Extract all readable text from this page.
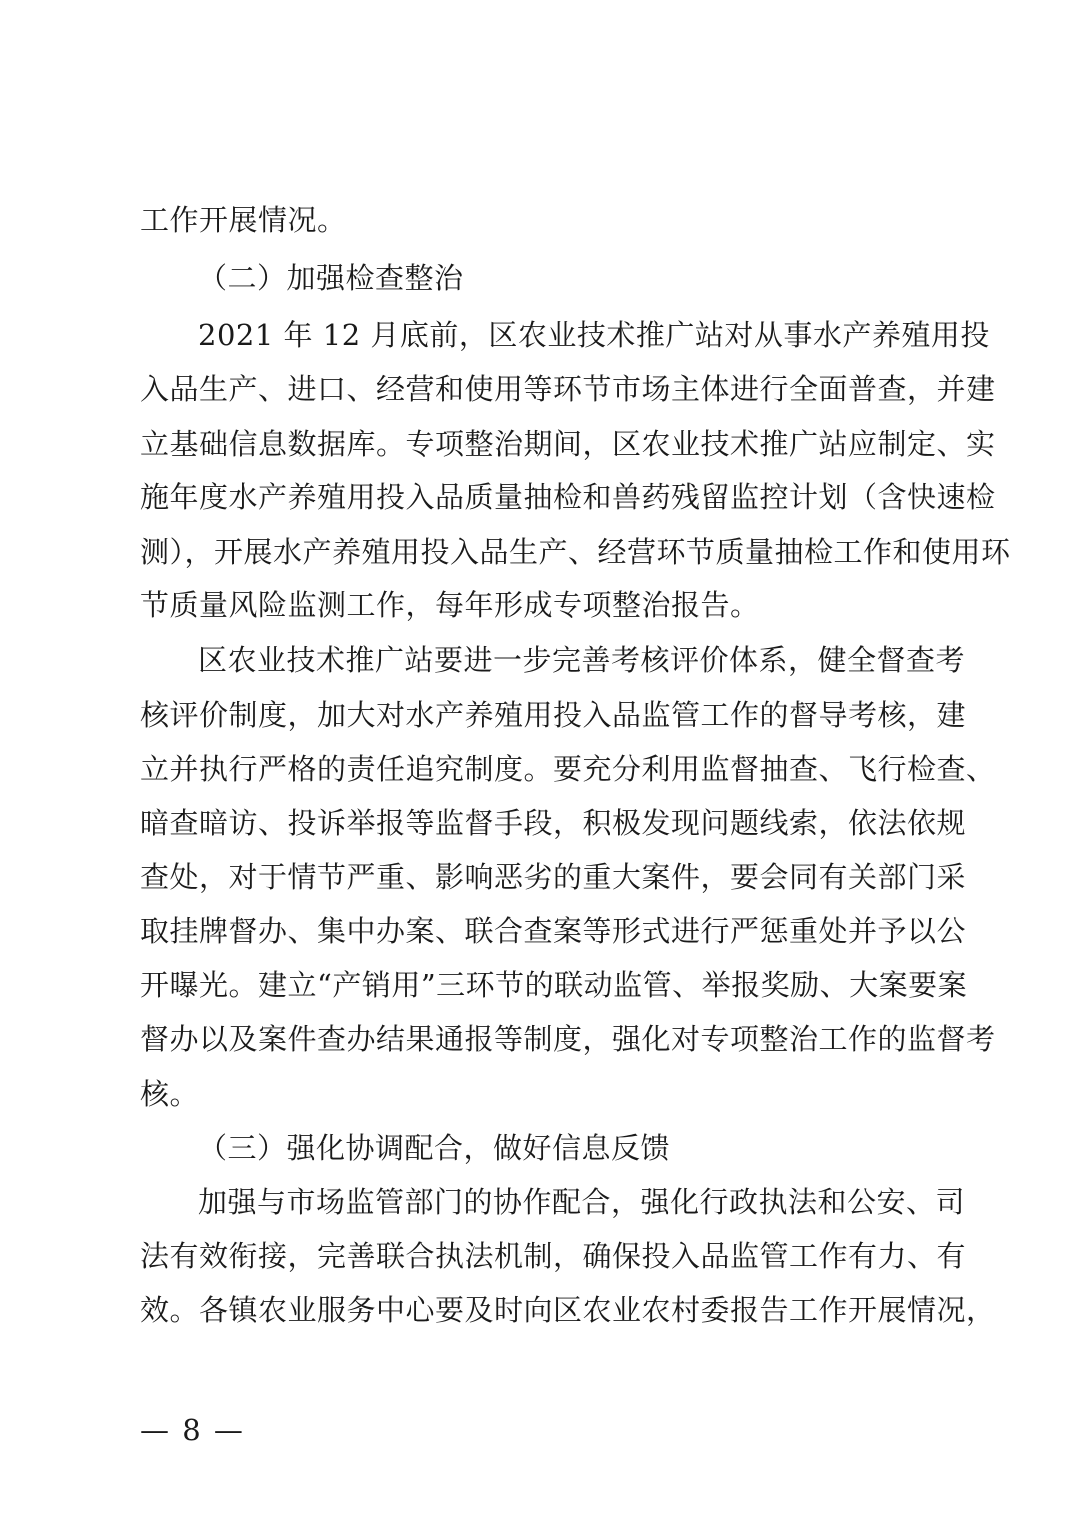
工作开展情况。
（二）加强检查整治
2021 年 12 月底前，区农业技术推广站对从事水产养殖用投
入品生产、进口、经营和使用等环节市场主体进行全面普查，并建
立基础信息数据库。专项整治期间，区农业技术推广站应制定、实
施年度水产养殖用投入品质量抽检和兽药残留监控计划（含快速检
测），开展水产养殖用投入品生产、经营环节质量抽检工作和使用环
节质量风险监测工作，每年形成专项整治报告。
区农业技术推广站要进一步完善考核评价体系，健全督查考
核评价制度，加大对水产养殖用投入品监管工作的督导考核，建
立并执行严格的责任追究制度。要充分利用监督抽查、飞行检查、
暗查暗访、投诉举报等监督手段，积极发现问题线索，依法依规
查处，对于情节严重、影响恶劣的重大案件，要会同有关部门采
取挂牌督办、集中办案、联合查案等形式进行严惩重处并予以公
开曝光。建立“产销用”三环节的联动监管、举报奖励、大案要案
督办以及案件查办结果通报等制度，强化对专项整治工作的监督考
核。
（三）强化协调配合，做好信息反馈
加强与市场监管部门的协作配合，强化行政执法和公安、司
法有效衔接，完善联合执法机制，确保投入品监管工作有力、有
效。各镇农业服务中心要及时向区农业农村委报告工作开展情况，
— 8 —
